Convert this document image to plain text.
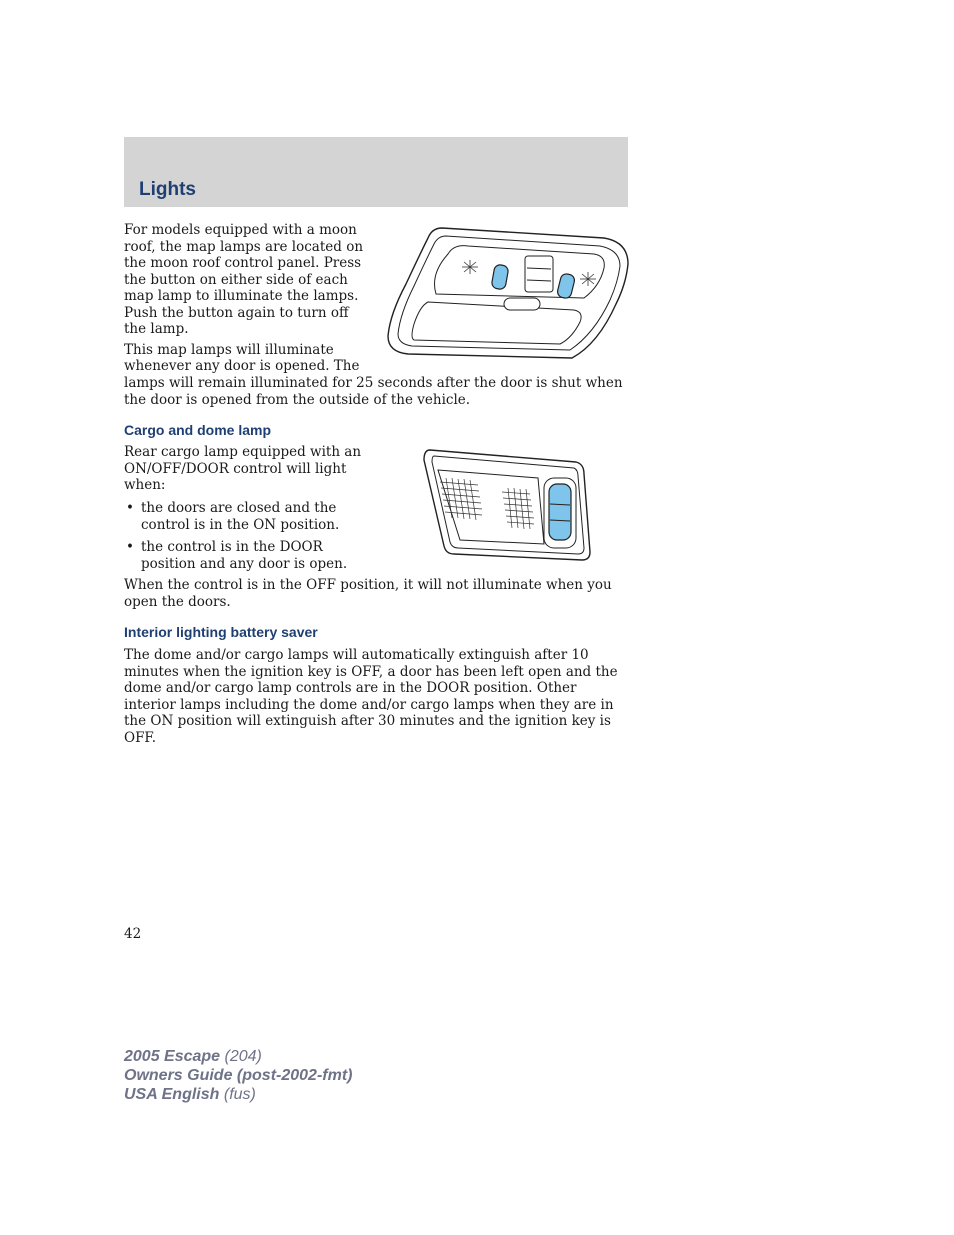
Lights

For models equipped with a moon roof, the map lamps are located on the moon roof control panel. Press the button on either side of each map lamp to illuminate the lamps. Push the button again to turn off the lamp.

This map lamps will illuminate

whenever any door is opened. The

lamps will remain illuminated for 25 seconds after the door is shut when the door is opened from the outside of the vehicle.

Cargo and dome lamp

Rear cargo lamp equipped with an ON/OFF/DOOR control will light when:

• the doors are closed and the control is in the ON position.
• the control is in the DOOR position and any door is open.

When the control is in the OFF position, it will not illuminate when you open the doors.

Interior lighting battery saver

The dome and/or cargo lamps will automatically extinguish after 10 minutes when the ignition key is OFF, a door has been left open and the dome and/or cargo lamp controls are in the DOOR position. Other interior lamps including the dome and/or cargo lamps when they are in the ON position will extinguish after 30 minutes and the ignition key is OFF.

42
2005 Escape (204)
Owners Guide (post-2002-fmt)
USA English (fus)
